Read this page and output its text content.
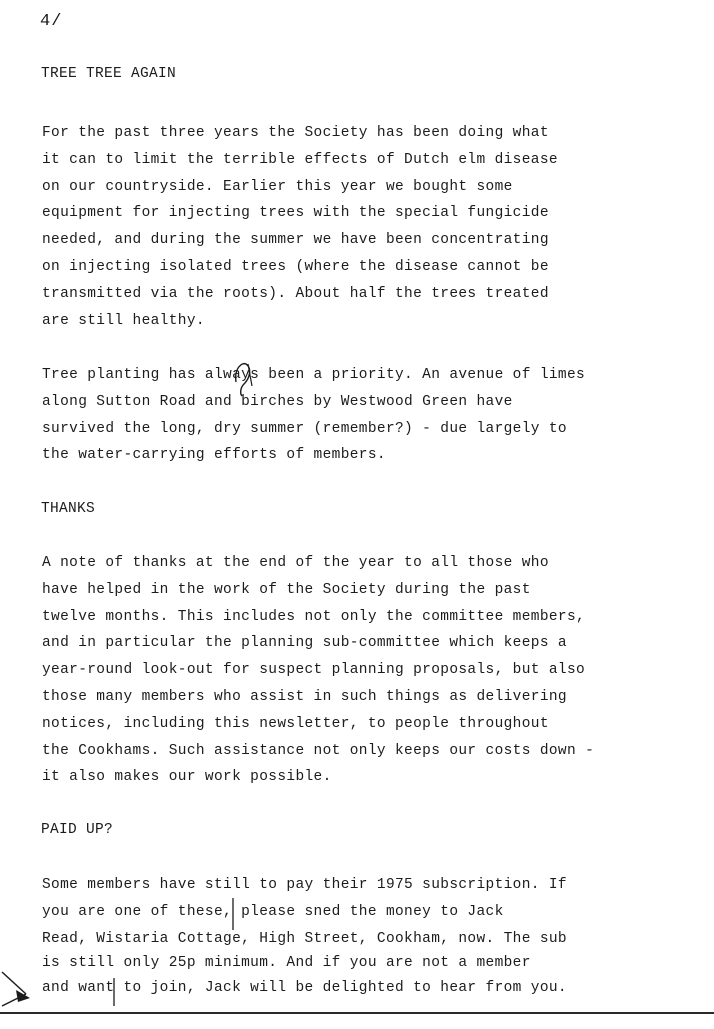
4/
TREE TREE AGAIN
For the past three years the Society has been doing what
it can to limit the terrible effects of Dutch elm disease
on our countryside. Earlier this year we bought some
equipment for injecting trees with the special fungicide
needed, and during the summer we have been concentrating
on injecting isolated trees (where the disease cannot be
transmitted via the roots). About half the trees treated
are still healthy.
Tree planting has always been a priority. An avenue of limes
along Sutton Road and birches by Westwood Green have
survived the long, dry summer (remember?) - due largely to
the water-carrying efforts of members.
THANKS
A note of thanks at the end of the year to all those who
have helped in the work of the Society during the past
twelve months. This includes not only the committee members,
and in particular the planning sub-committee which keeps a
year-round look-out for suspect planning proposals, but also
those many members who assist in such things as delivering
notices, including this newsletter, to people throughout
the Cookhams. Such assistance not only keeps our costs down -
it also makes our work possible.
PAID UP?
Some members have still to pay their 1975 subscription. If
you are one of these, please sned the money to Jack
Read, Wistaria Cottage, High Street, Cookham, now. The sub
is still only 25p minimum. And if you are not a member
and want to join, Jack will be delighted to hear from you.
